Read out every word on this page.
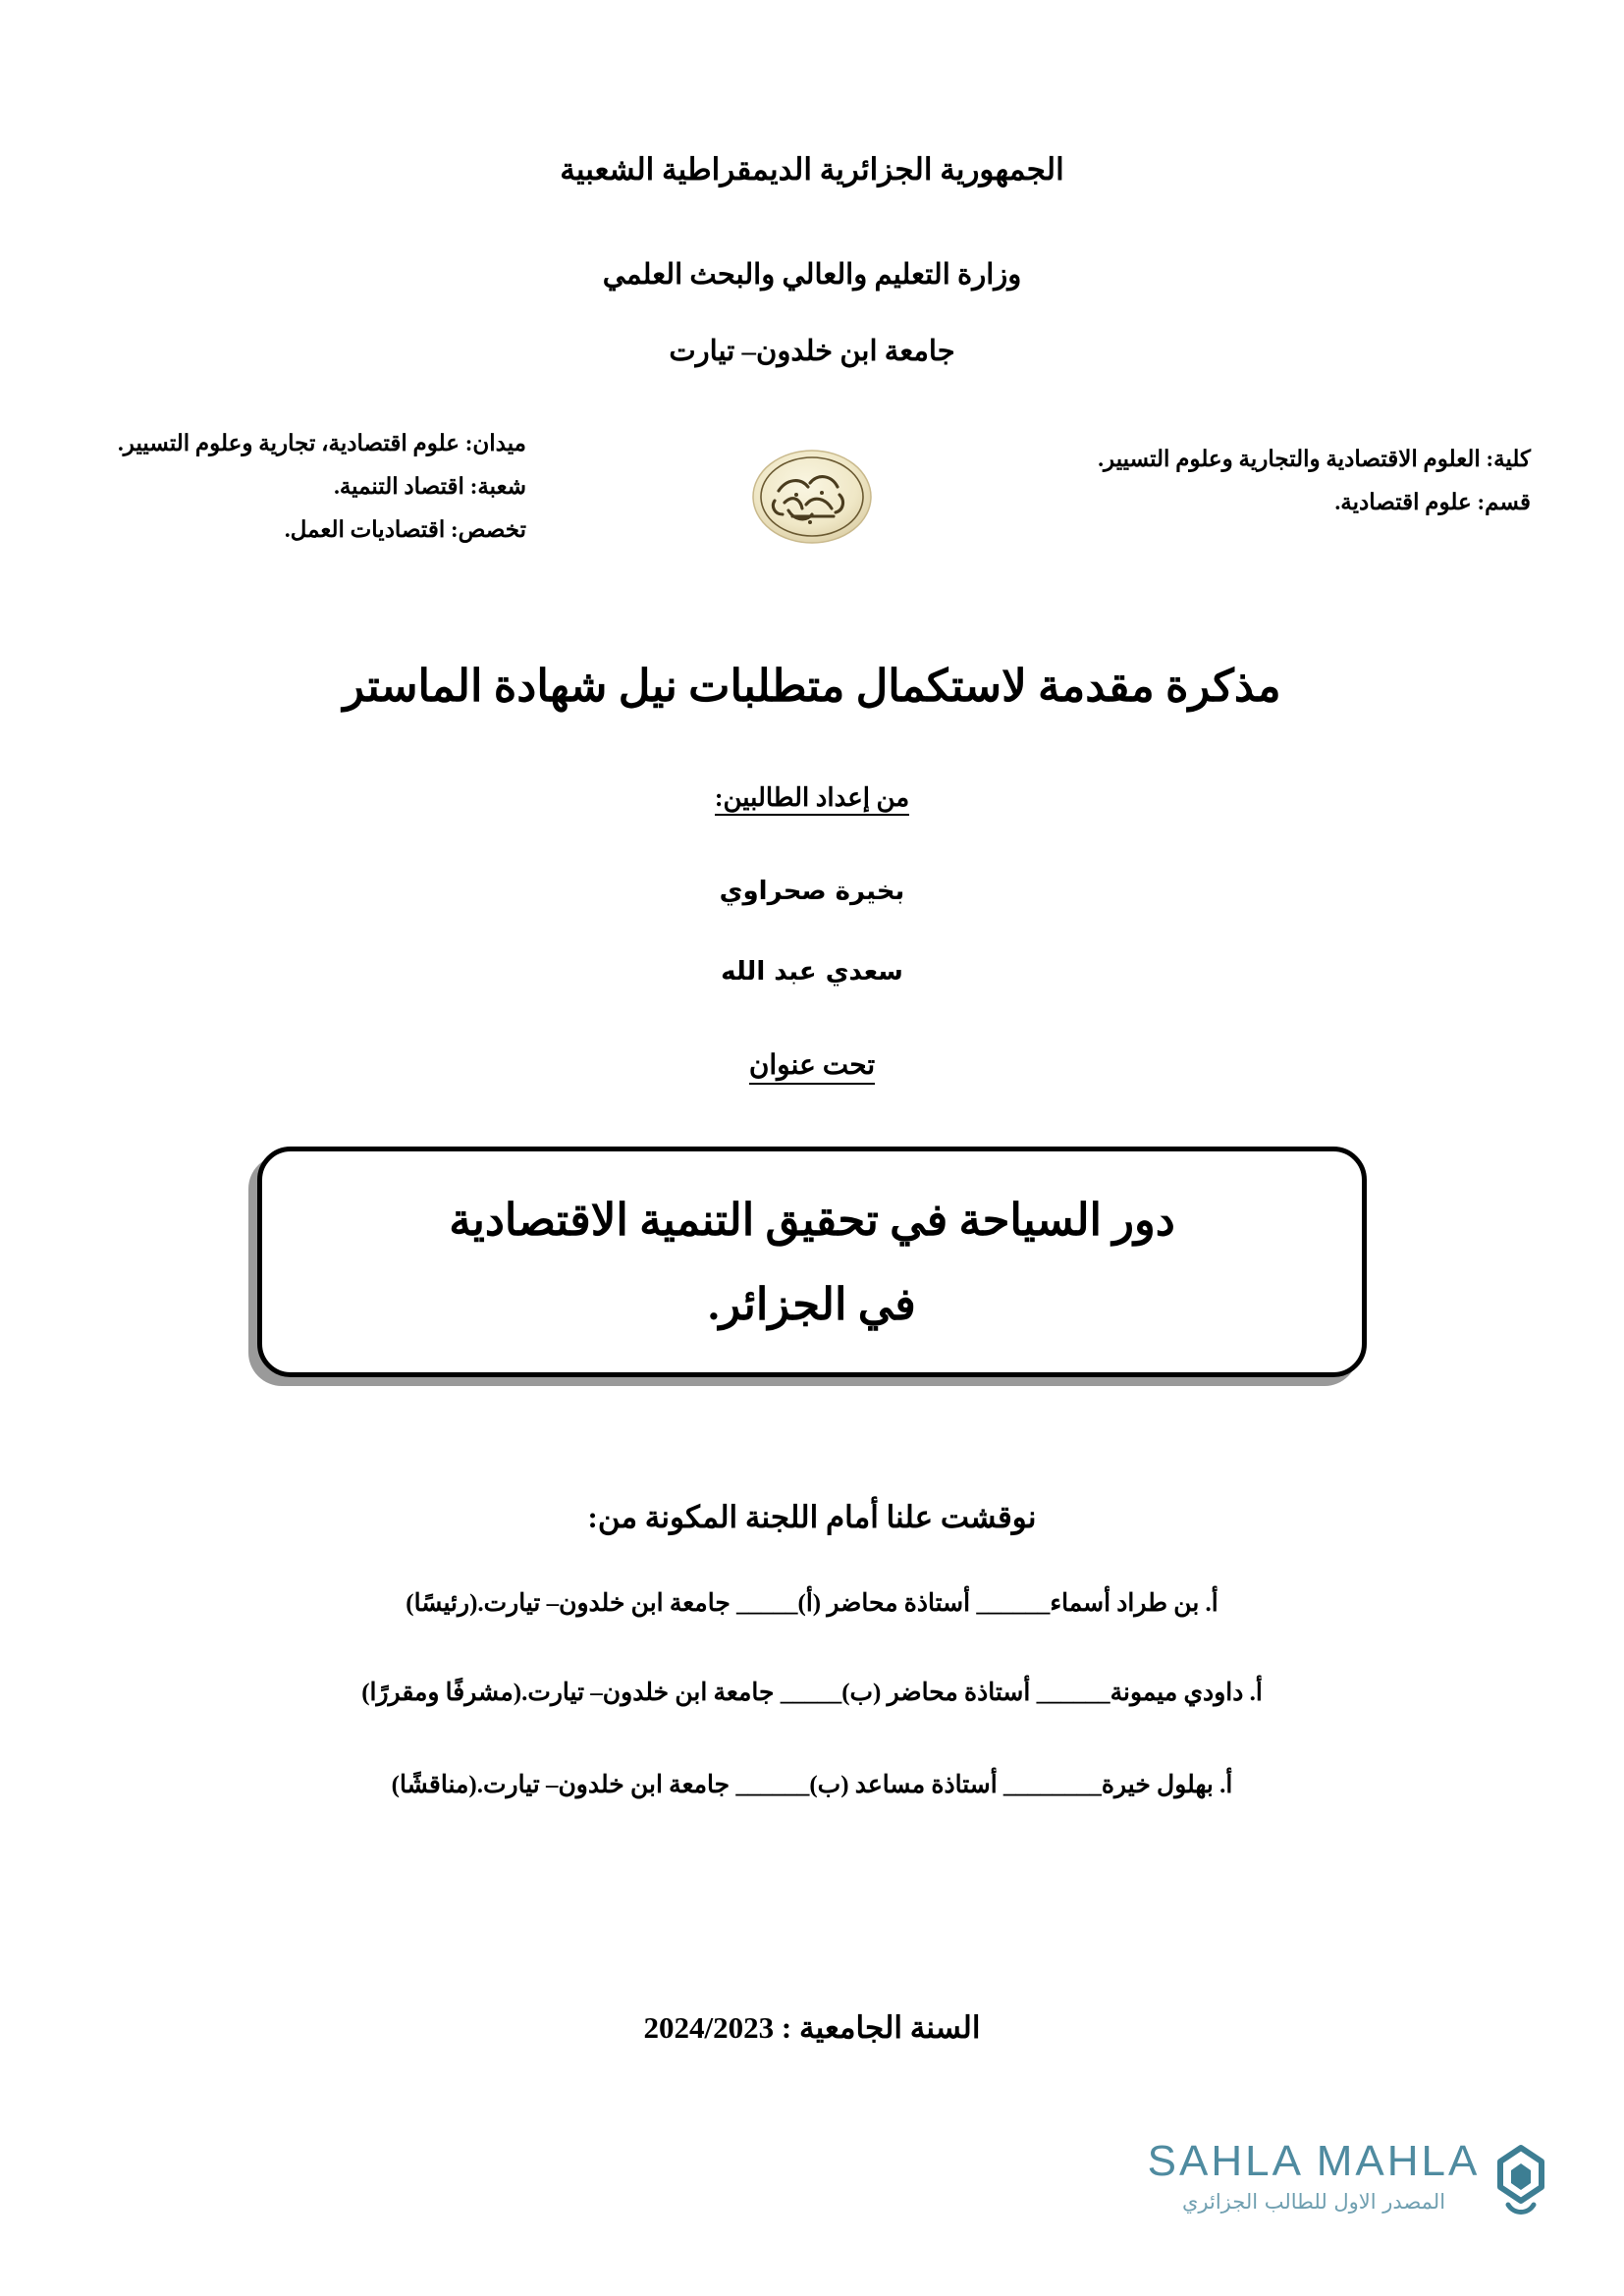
الجمهورية الجزائرية الديمقراطية الشعبية
وزارة التعليم والعالي والبحث العلمي
جامعة ابن خلدون– تيارت
كلية: العلوم الاقتصادية والتجارية وعلوم التسيير.
قسم: علوم اقتصادية.
ميدان: علوم اقتصادية، تجارية وعلوم التسيير.
شعبة: اقتصاد التنمية.
تخصص: اقتصاديات العمل.
مذكرة مقدمة لاستكمال متطلبات نيل شهادة الماستر
من إعداد الطالبين:
بخيرة صحراوي
سعدي عبد الله
تحت عنوان
دور السياحة في تحقيق التنمية الاقتصادية
في الجزائر.
نوقشت علنا أمام اللجنة المكونة من:
أ. بن طراد أسماء______ أستاذة محاضر (أ)_____ جامعة ابن خلدون– تيارت.(رئيسًا)
أ. داودي ميمونة______ أستاذة محاضر (ب)_____ جامعة ابن خلدون– تيارت.(مشرفًا ومقررًا)
أ. بهلول خيرة________ أستاذة مساعد (ب)______ جامعة ابن خلدون– تيارت.(مناقشًا)
السنة الجامعية : 2024/2023
SAHLA MAHLA
المصدر الاول للطالب الجزائري
